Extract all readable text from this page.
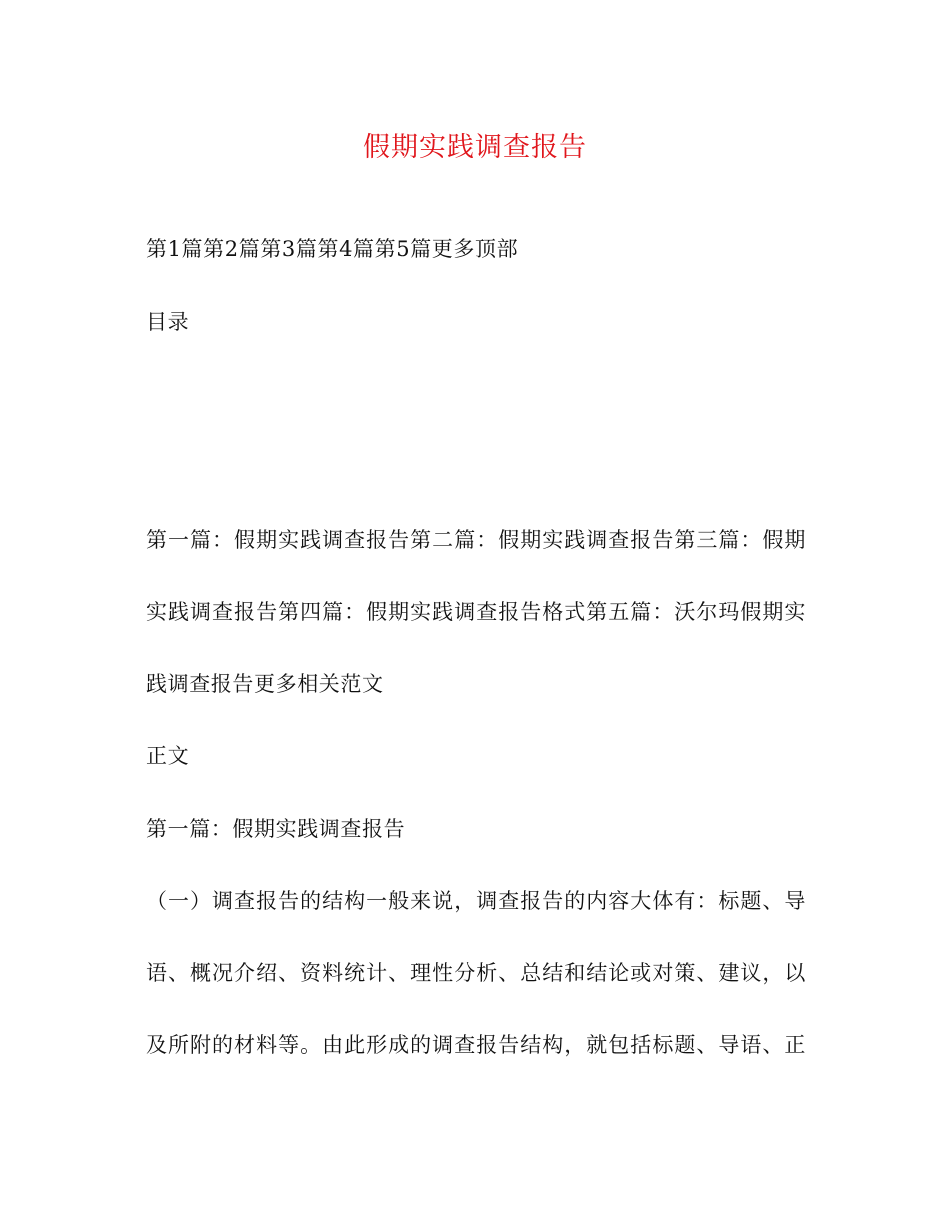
假期实践调查报告
第1篇第2篇第3篇第4篇第5篇更多顶部
目录
第一篇：假期实践调查报告第二篇：假期实践调查报告第三篇：假期
实践调查报告第四篇：假期实践调查报告格式第五篇：沃尔玛假期实
践调查报告更多相关范文
正文
第一篇：假期实践调查报告
（一）调查报告的结构一般来说，调查报告的内容大体有：标题、导
语、概况介绍、资料统计、理性分析、总结和结论或对策、建议，以
及所附的材料等。由此形成的调查报告结构，就包括标题、导语、正
